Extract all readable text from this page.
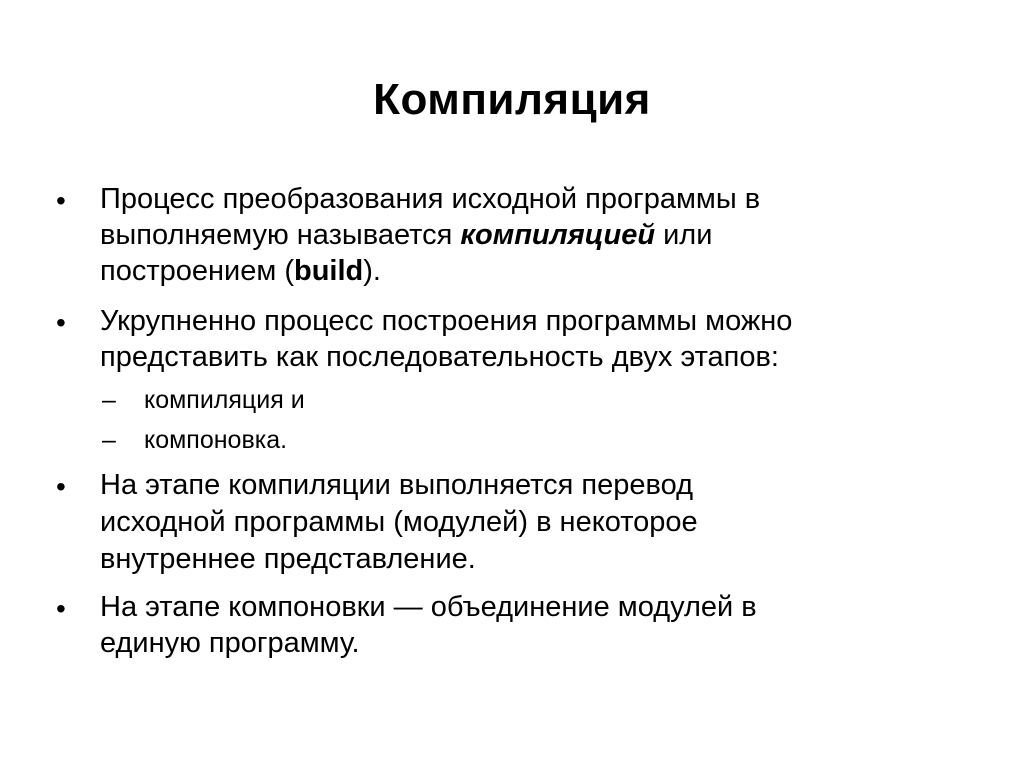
Компиляция
• Процесс преобразования исходной программы в
выполняемую называется компиляцией или
построением (build).
• Укрупненно процесс построения программы можно
представить как последовательность двух этапов:
– компиляция и
– компоновка.
• На этапе компиляции выполняется перевод
исходной программы (модулей) в некоторое
внутреннее представление.
• На этапе компоновки — объединение модулей в
единую программу.
